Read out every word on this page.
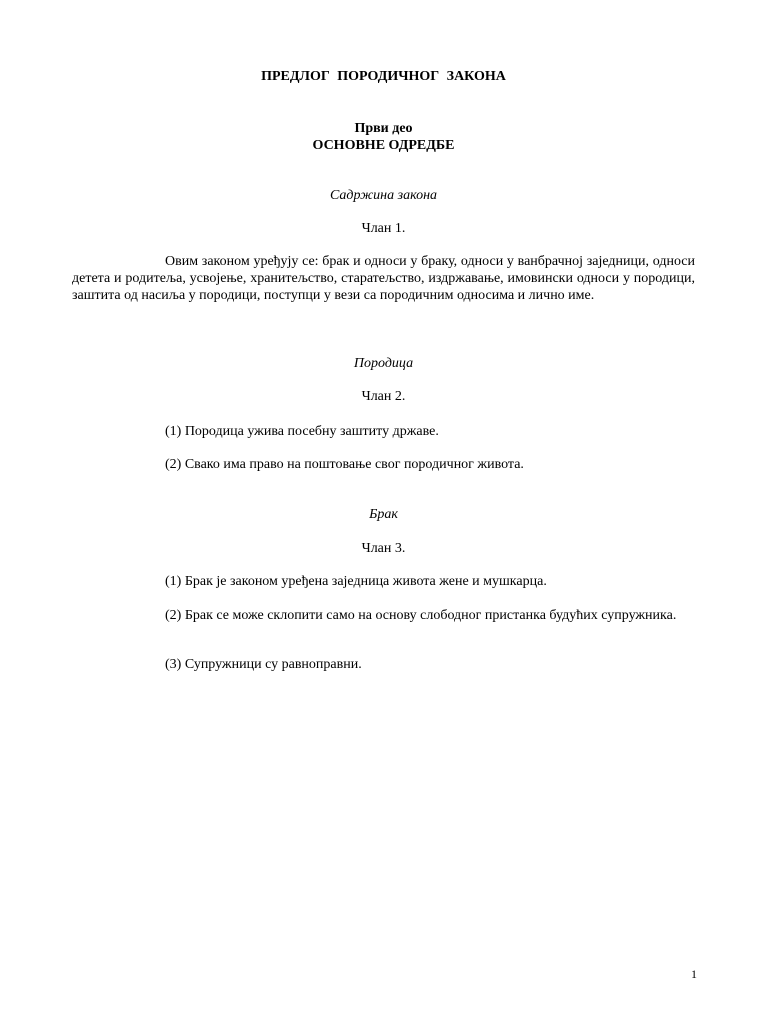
ПРЕДЛОГ ПОРОДИЧНОГ ЗАКОНА
Први део
ОСНОВНЕ ОДРЕДБЕ
Садржина закона
Члан 1.

Овим законом уређују се: брак и односи у браку, односи у ванбрачној заједници, односи детета и родитеља, усвојење, хранитељство, старатељство, издржавање, имовински односи у породици, заштита од насиља у породици, поступци у вези са породичним односима и лично име.

Породица
Члан 2.

(1) Породица ужива посебну заштиту државе.

(2) Свако има право на поштовање свог породичног живота.

Брак
Члан 3.

(1) Брак је законом уређена заједница живота жене и мушкарца.

(2) Брак се може склопити само на основу слободног пристанка будућих супружника.

(3) Супружници су равноправни.

1
